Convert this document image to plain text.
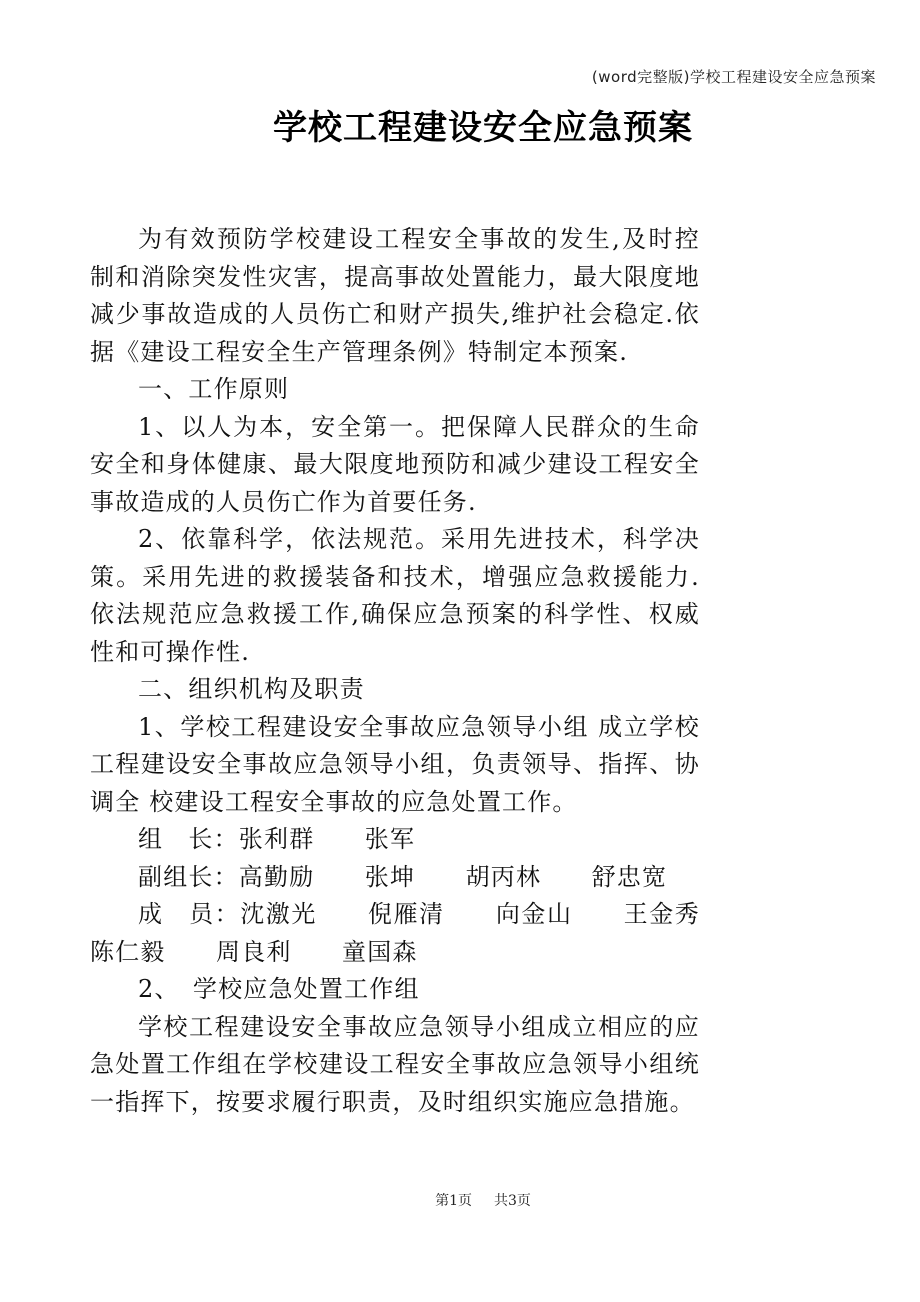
(word完整版)学校工程建设安全应急预案
学校工程建设安全应急预案

为有效预防学校建设工程安全事故的发生,及时控制和消除突发性灾害，提高事故处置能力，最大限度地减少事故造成的人员伤亡和财产损失,维护社会稳定.依据《建设工程安全生产管理条例》特制定本预案.

一、工作原则

1、以人为本，安全第一。把保障人民群众的生命安全和身体健康、最大限度地预防和减少建设工程安全事故造成的人员伤亡作为首要任务.

2、依靠科学，依法规范。采用先进技术，科学决策。采用先进的救援装备和技术，增强应急救援能力.依法规范应急救援工作,确保应急预案的科学性、权威性和可操作性.

二、组织机构及职责

1、学校工程建设安全事故应急领导小组 成立学校工程建设安全事故应急领导小组，负责领导、指挥、协调全 校建设工程安全事故的应急处置工作。

组　长：张利群　　张军

副组长：高勤励　　张坤　　胡丙林　　舒忠宽

成　员：沈激光　　倪雁清　　向金山　　王金秀　　陈仁毅　　周良利　　童国森

2、　学校应急处置工作组

学校工程建设安全事故应急领导小组成立相应的应急处置工作组在学校建设工程安全事故应急领导小组统一指挥下，按要求履行职责，及时组织实施应急措施。

第1页 共3页
